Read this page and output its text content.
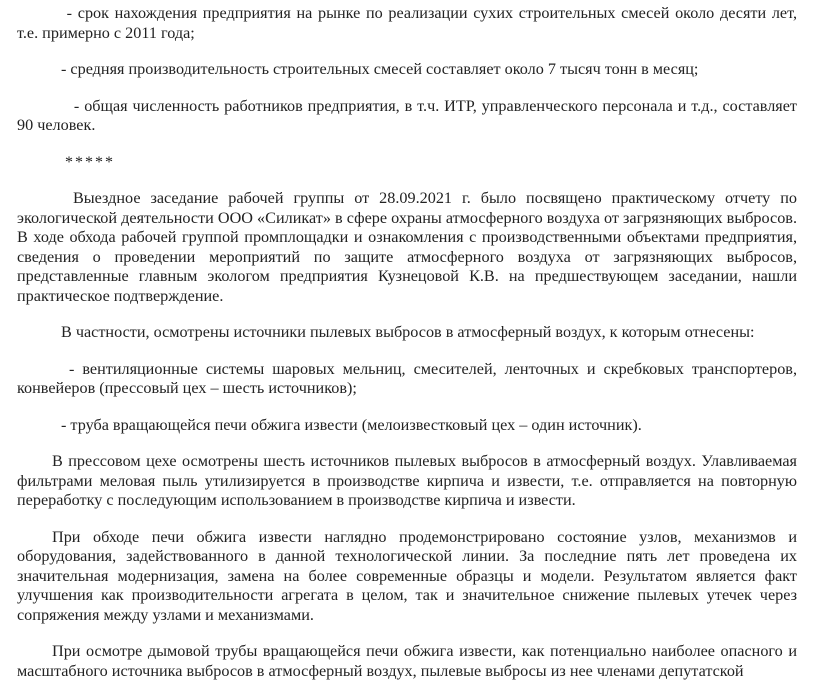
- срок нахождения предприятия на рынке по реализации сухих строительных смесей около десяти лет, т.е. примерно с 2011 года;

- средняя производительность строительных смесей составляет около 7 тысяч тонн в месяц;

- общая численность работников предприятия, в т.ч. ИТР, управленческого персонала и т.д., составляет 90 человек.

*****

Выездное заседание рабочей группы от 28.09.2021 г. было посвящено практическому отчету по экологической деятельности ООО «Силикат» в сфере охраны атмосферного воздуха от загрязняющих выбросов. В ходе обхода рабочей группой промплощадки и ознакомления с производственными объектами предприятия, сведения о проведении мероприятий по защите атмосферного воздуха от загрязняющих выбросов, представленные главным экологом предприятия Кузнецовой К.В. на предшествующем заседании, нашли практическое подтверждение.

В частности, осмотрены источники пылевых выбросов в атмосферный воздух, к которым отнесены:

- вентиляционные системы шаровых мельниц, смесителей, ленточных и скребковых транспортеров, конвейеров (прессовый цех – шесть источников);

- труба вращающейся печи обжига извести (мелоизвестковый цех – один источник).

В прессовом цехе осмотрены шесть источников пылевых выбросов в атмосферный воздух. Улавливаемая фильтрами меловая пыль утилизируется в производстве кирпича и извести, т.е. отправляется на повторную переработку с последующим использованием в производстве кирпича и извести.

При обходе печи обжига извести наглядно продемонстрировано состояние узлов, механизмов и оборудования, задействованного в данной технологической линии. За последние пять лет проведена их значительная модернизация, замена на более современные образцы и модели. Результатом является факт улучшения как производительности агрегата в целом, так и значительное снижение пылевых утечек через сопряжения между узлами и механизмами.

При осмотре дымовой трубы вращающейся печи обжига извести, как потенциально наиболее опасного и масштабного источника выбросов в атмосферный воздух, пылевые выбросы из нее членами депутатской
